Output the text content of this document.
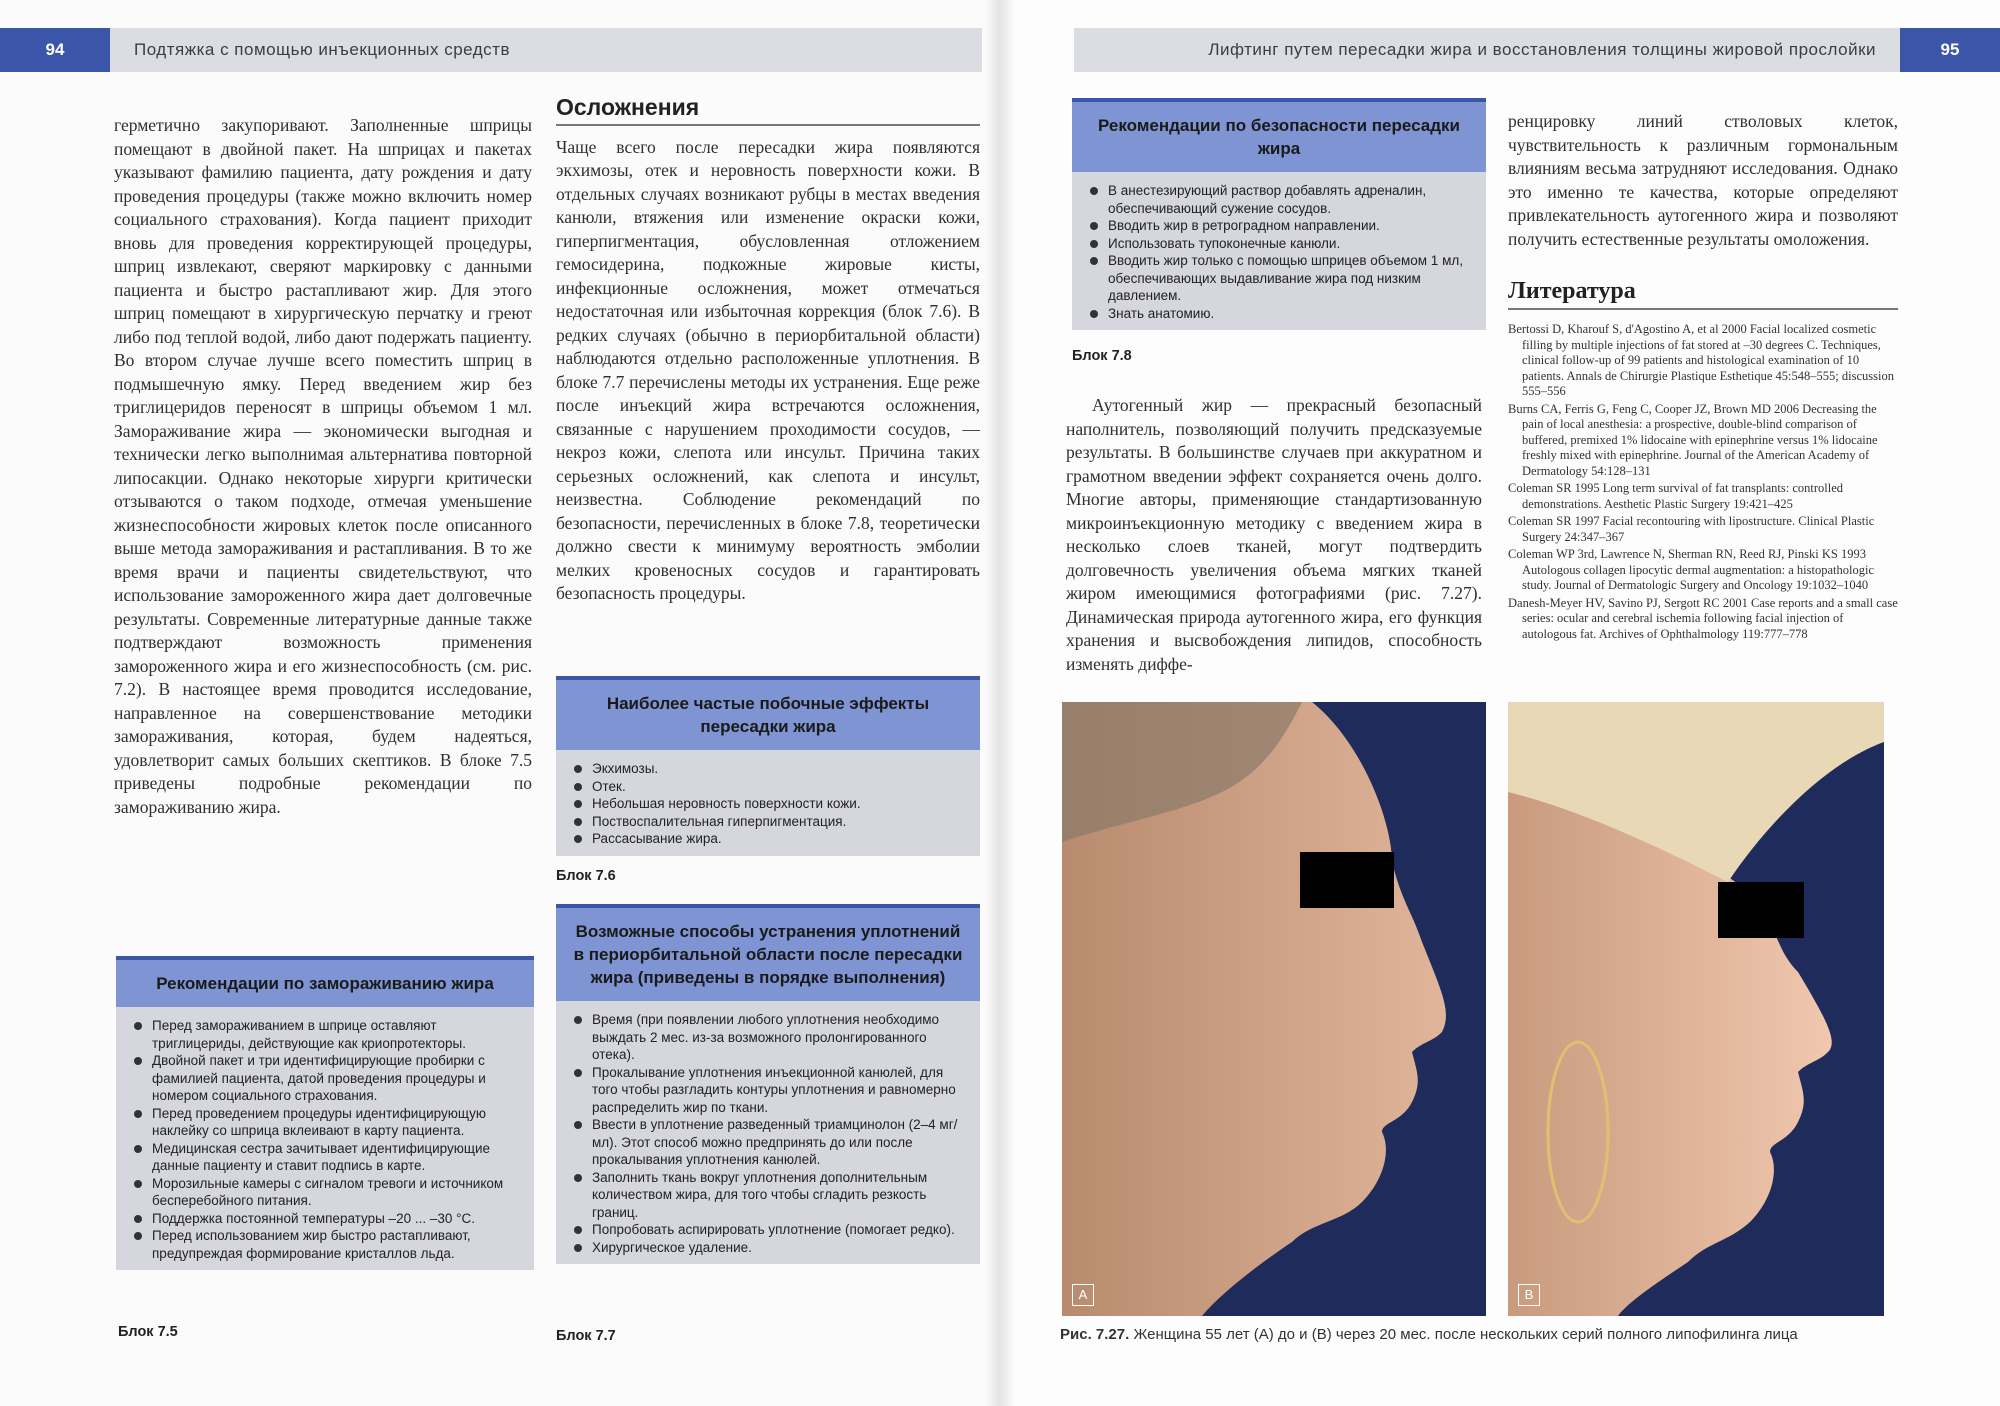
94	Подтяжка с помощью инъекционных средств

герметично закупоривают. Заполненные шприцы помещают в двойной пакет. На шприцах и пакетах указывают фамилию пациента, дату рождения и дату проведения процедуры (также можно включить номер социального страхования). Когда пациент приходит вновь для проведения корректирующей процедуры, шприц извлекают, сверяют маркировку с данными пациента и быстро растапливают жир. Для этого шприц помещают в хирургическую перчатку и греют либо под теплой водой, либо дают подержать пациенту. Во втором случае лучше всего поместить шприц в подмышечную ямку. Перед введением жир без триглицеридов переносят в шприцы объемом 1 мл. Замораживание жира — экономически выгодная и технически легко выполнимая альтернатива повторной липосакции. Однако некоторые хирурги критически отзываются о таком подходе, отмечая уменьшение жизнеспособности жировых клеток после описанного выше метода замораживания и растапливания. В то же время врачи и пациенты свидетельствуют, что использование замороженного жира дает долговечные результаты. Современные литературные данные также подтверждают возможность применения замороженного жира и его жизнеспособность (см. рис. 7.2). В настоящее время проводится исследование, направленное на совершенствование методики замораживания, которая, будем надеяться, удовлетворит самых больших скептиков. В блоке 7.5 приведены подробные рекомендации по замораживанию жира.

Осложнения

Чаще всего после пересадки жира появляются экхимозы, отек и неровность поверхности кожи. В отдельных случаях возникают рубцы в местах введения канюли, втяжения или изменение окраски кожи, гиперпигментация, обусловленная отложением гемосидерина, подкожные жировые кисты, инфекционные осложнения, может отмечаться недостаточная или избыточная коррекция (блок 7.6). В редких случаях (обычно в периорбитальной области) наблюдаются отдельно расположенные уплотнения. В блоке 7.7 перечислены методы их устранения. Еще реже после инъекций жира встречаются осложнения, связанные с нарушением проходимости сосудов, — некроз кожи, слепота или инсульт. Причина таких серьезных осложнений, как слепота и инсульт, неизвестна. Соблюдение рекомендаций по безопасности, перечисленных в блоке 7.8, теоретически должно свести к минимуму вероятность эмболии мелких кровеносных сосудов и гарантировать безопасность процедуры.

Наиболее частые побочные эффекты пересадки жира
Экхимозы.
Отек.
Небольшая неровность поверхности кожи.
Поствоспалительная гиперпигментация.
Рассасывание жира.
Блок 7.6
Рекомендации по замораживанию жира
Перед замораживанием в шприце оставляют триглицериды, действующие как криопротекторы.
Двойной пакет и три идентифицирующие пробирки с фамилией пациента, датой проведения процедуры и номером социального страхования.
Перед проведением процедуры идентифицирующую наклейку со шприца вклеивают в карту пациента.
Медицинская сестра зачитывает идентифицирующие данные пациенту и ставит подпись в карте.
Морозильные камеры с сигналом тревоги и источником бесперебойного питания.
Поддержка постоянной температуры –20 ... –30 °С.
Перед использованием жир быстро растапливают, предупреждая формирование кристаллов льда.
Блок 7.5
Возможные способы устранения уплотнений в периорбитальной области после пересадки жира (приведены в порядке выполнения)
Время (при появлении любого уплотнения необходимо выждать 2 мес. из-за возможного пролонгированного отека).
Прокалывание уплотнения инъекционной канюлей, для того чтобы разгладить контуры уплотнения и равномерно распределить жир по ткани.
Ввести в уплотнение разведенный триамцинолон (2–4 мг/мл). Этот способ можно предпринять до или после прокалывания уплотнения канюлей.
Заполнить ткань вокруг уплотнения дополнительным количеством жира, для того чтобы сгладить резкость границ.
Попробовать аспирировать уплотнение (помогает редко).
Хирургическое удаление.
Блок 7.7
Лифтинг путем пересадки жира и восстановления толщины жировой прослойки	95
Рекомендации по безопасности пересадки жира
В анестезирующий раствор добавлять адреналин, обеспечивающий сужение сосудов.
Вводить жир в ретроградном направлении.
Использовать тупоконечные канюли.
Вводить жир только с помощью шприцев объемом 1 мл, обеспечивающих выдавливание жира под низким давлением.
Знать анатомию.
Блок 7.8

Аутогенный жир — прекрасный безопасный наполнитель, позволяющий получить предсказуемые результаты. В большинстве случаев при аккуратном и грамотном введении эффект сохраняется очень долго. Многие авторы, применяющие стандартизованную микроинъекционную методику с введением жира в несколько слоев тканей, могут подтвердить долговечность увеличения объема мягких тканей жиром имеющимися фотографиями (рис. 7.27). Динамическая природа аутогенного жира, его функция хранения и высвобождения липидов, способность изменять диффе-

ренцировку линий стволовых клеток, чувствительность к различным гормональным влияниям весьма затрудняют исследования. Однако это именно те качества, которые определяют привлекательность аутогенного жира и позволяют получить естественные результаты омоложения.

Литература
Bertossi D, Kharouf S, d'Agostino A, et al 2000 Facial localized cosmetic filling by multiple injections of fat stored at –30 degrees C. Techniques, clinical follow-up of 99 patients and histological examination of 10 patients. Annals de Chirurgie Plastique Esthetique 45:548–555; discussion 555–556
Burns CA, Ferris G, Feng C, Cooper JZ, Brown MD 2006 Decreasing the pain of local anesthesia: a prospective, double-blind comparison of buffered, premixed 1% lidocaine with epinephrine versus 1% lidocaine freshly mixed with epinephrine. Journal of the American Academy of Dermatology 54:128–131
Coleman SR 1995 Long term survival of fat transplants: controlled demonstrations. Aesthetic Plastic Surgery 19:421–425
Coleman SR 1997 Facial recontouring with lipostructure. Clinical Plastic Surgery 24:347–367
Coleman WP 3rd, Lawrence N, Sherman RN, Reed RJ, Pinski KS 1993 Autologous collagen lipocytic dermal augmentation: a histopathologic study. Journal of Dermatologic Surgery and Oncology 19:1032–1040
Danesh-Meyer HV, Savino PJ, Sergott RC 2001 Case reports and a small case series: ocular and cerebral ischemia following facial injection of autologous fat. Archives of Ophthalmology 119:777–778
A	B
Рис. 7.27. Женщина 55 лет (A) до и (B) через 20 мес. после нескольких серий полного липофилинга лица
